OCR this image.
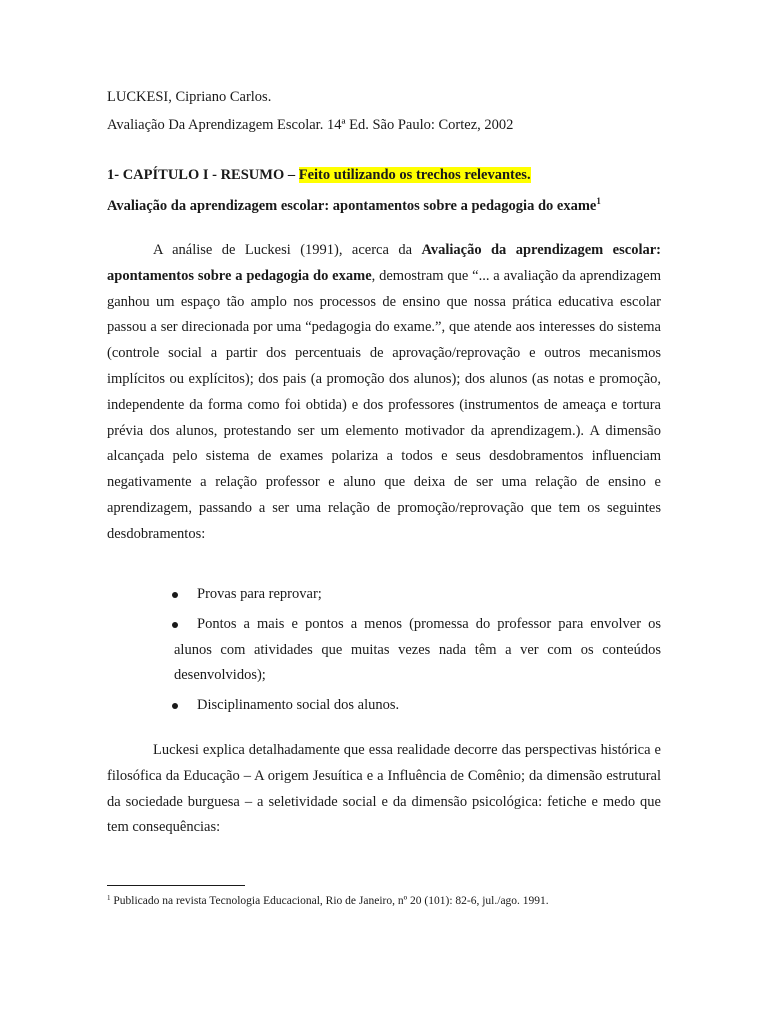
LUCKESI, Cipriano Carlos.
Avaliação Da Aprendizagem Escolar. 14ª Ed. São Paulo: Cortez, 2002
1- CAPÍTULO I - RESUMO – Feito utilizando os trechos relevantes.
Avaliação da aprendizagem escolar: apontamentos sobre a pedagogia do exame$^1$
A análise de Luckesi (1991), acerca da Avaliação da aprendizagem escolar: apontamentos sobre a pedagogia do exame, demostram que “... a avaliação da aprendizagem ganhou um espaço tão amplo nos processos de ensino que nossa prática educativa escolar passou a ser direcionada por uma “pedagogia do exame.”, que atende aos interesses do sistema (controle social a partir dos percentuais de aprovação/reprovação e outros mecanismos implícitos ou explícitos); dos pais (a promoção dos alunos); dos alunos (as notas e promoção, independente da forma como foi obtida) e dos professores (instrumentos de ameaça e tortura prévia dos alunos, protestando ser um elemento motivador da aprendizagem.). A dimensão alcançada pelo sistema de exames polariza a todos e seus desdobramentos influenciam negativamente a relação professor e aluno que deixa de ser uma relação de ensino e aprendizagem, passando a ser uma relação de promoção/reprovação que tem os seguintes desdobramentos:
Provas para reprovar;
Pontos a mais e pontos a menos (promessa do professor para envolver os alunos com atividades que muitas vezes nada têm a ver com os conteúdos desenvolvidos);
Disciplinamento social dos alunos.
Luckesi explica detalhadamente que essa realidade decorre das perspectivas histórica e filosófica da Educação – A origem Jesuítica e a Influência de Comênio; da dimensão estrutural da sociedade burguesa – a seletividade social e da dimensão psicológica: fetiche e medo que tem consequências:
$^1$ Publicado na revista Tecnologia Educacional, Rio de Janeiro, nº 20 (101): 82-6, jul./ago. 1991.
